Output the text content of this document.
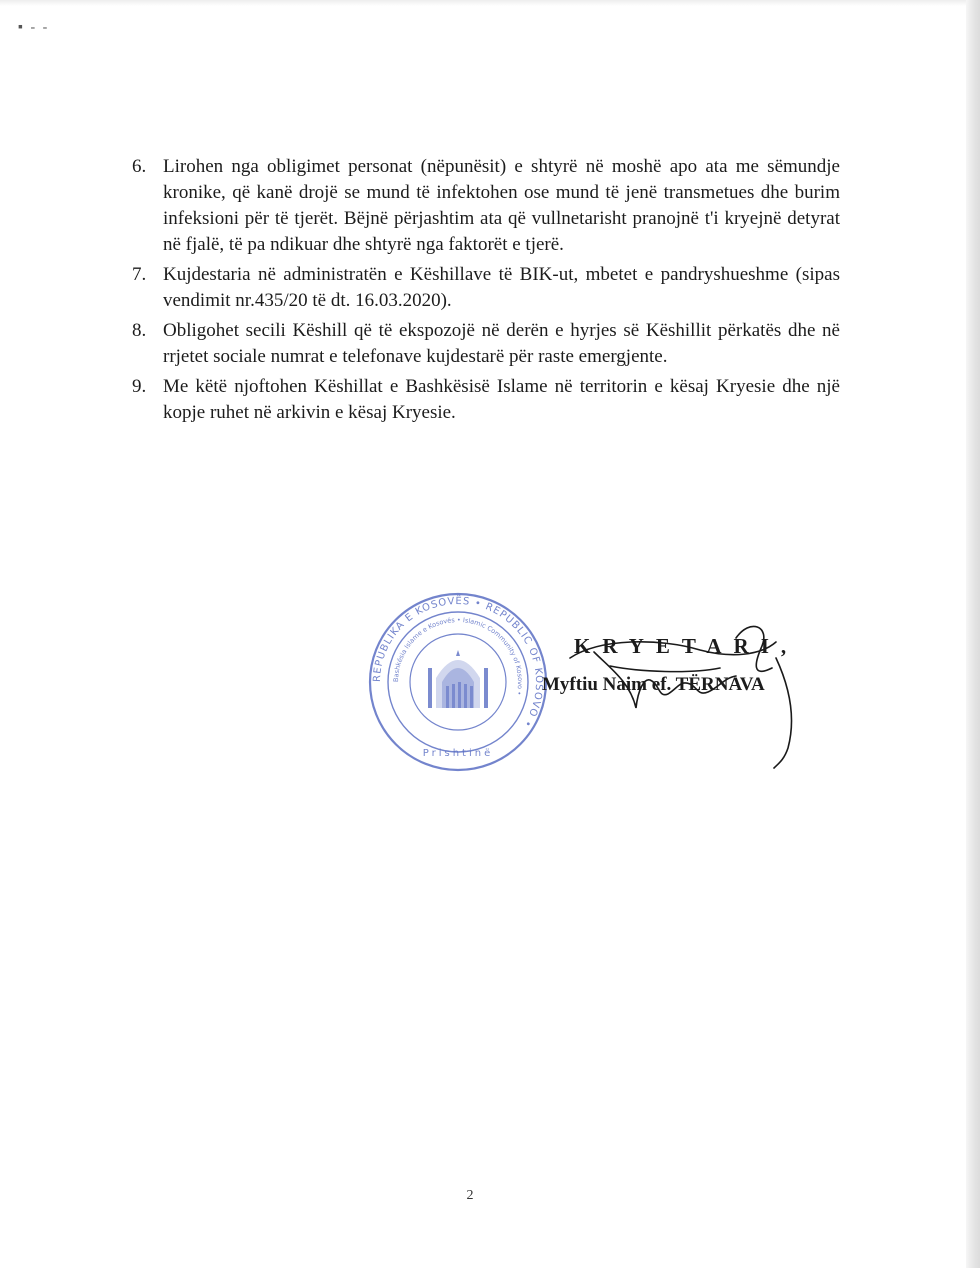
▪ ‐ ‐
6. Lirohen nga obligimet personat (nëpunësit) e shtyrë në moshë apo ata me sëmundje kronike, që kanë drojë se mund të infektohen ose mund të jenë transmetues dhe burim infeksioni për të tjerët. Bëjnë përjashtim ata që vullnetarisht pranojnë t'i kryejnë detyrat në fjalë, të pa ndikuar dhe shtyrë nga faktorët e tjerë.
7. Kujdestaria në administratën e Këshillave të BIK-ut, mbetet e pandryshueshme (sipas vendimit nr.435/20 të dt. 16.03.2020).
8. Obligohet secili Këshill që të ekspozojë në derën e hyrjes së Këshillit përkatës dhe në rrjetet sociale numrat e telefonave kujdestarë për raste emergjente.
9. Me këtë njoftohen Këshillat e Bashkësisë Islame në territorin e kësaj Kryesie dhe një kopje ruhet në arkivin e kësaj Kryesie.
REPUBLIKA E KOSOVËS • REPUBLIC OF KOSOVO •
Bashkësia Islame e Kosovës • Islamic Community of Kosovo •
Prishtinë
KRYETARI,
Myftiu Naim ef. TËRNAVA
2
